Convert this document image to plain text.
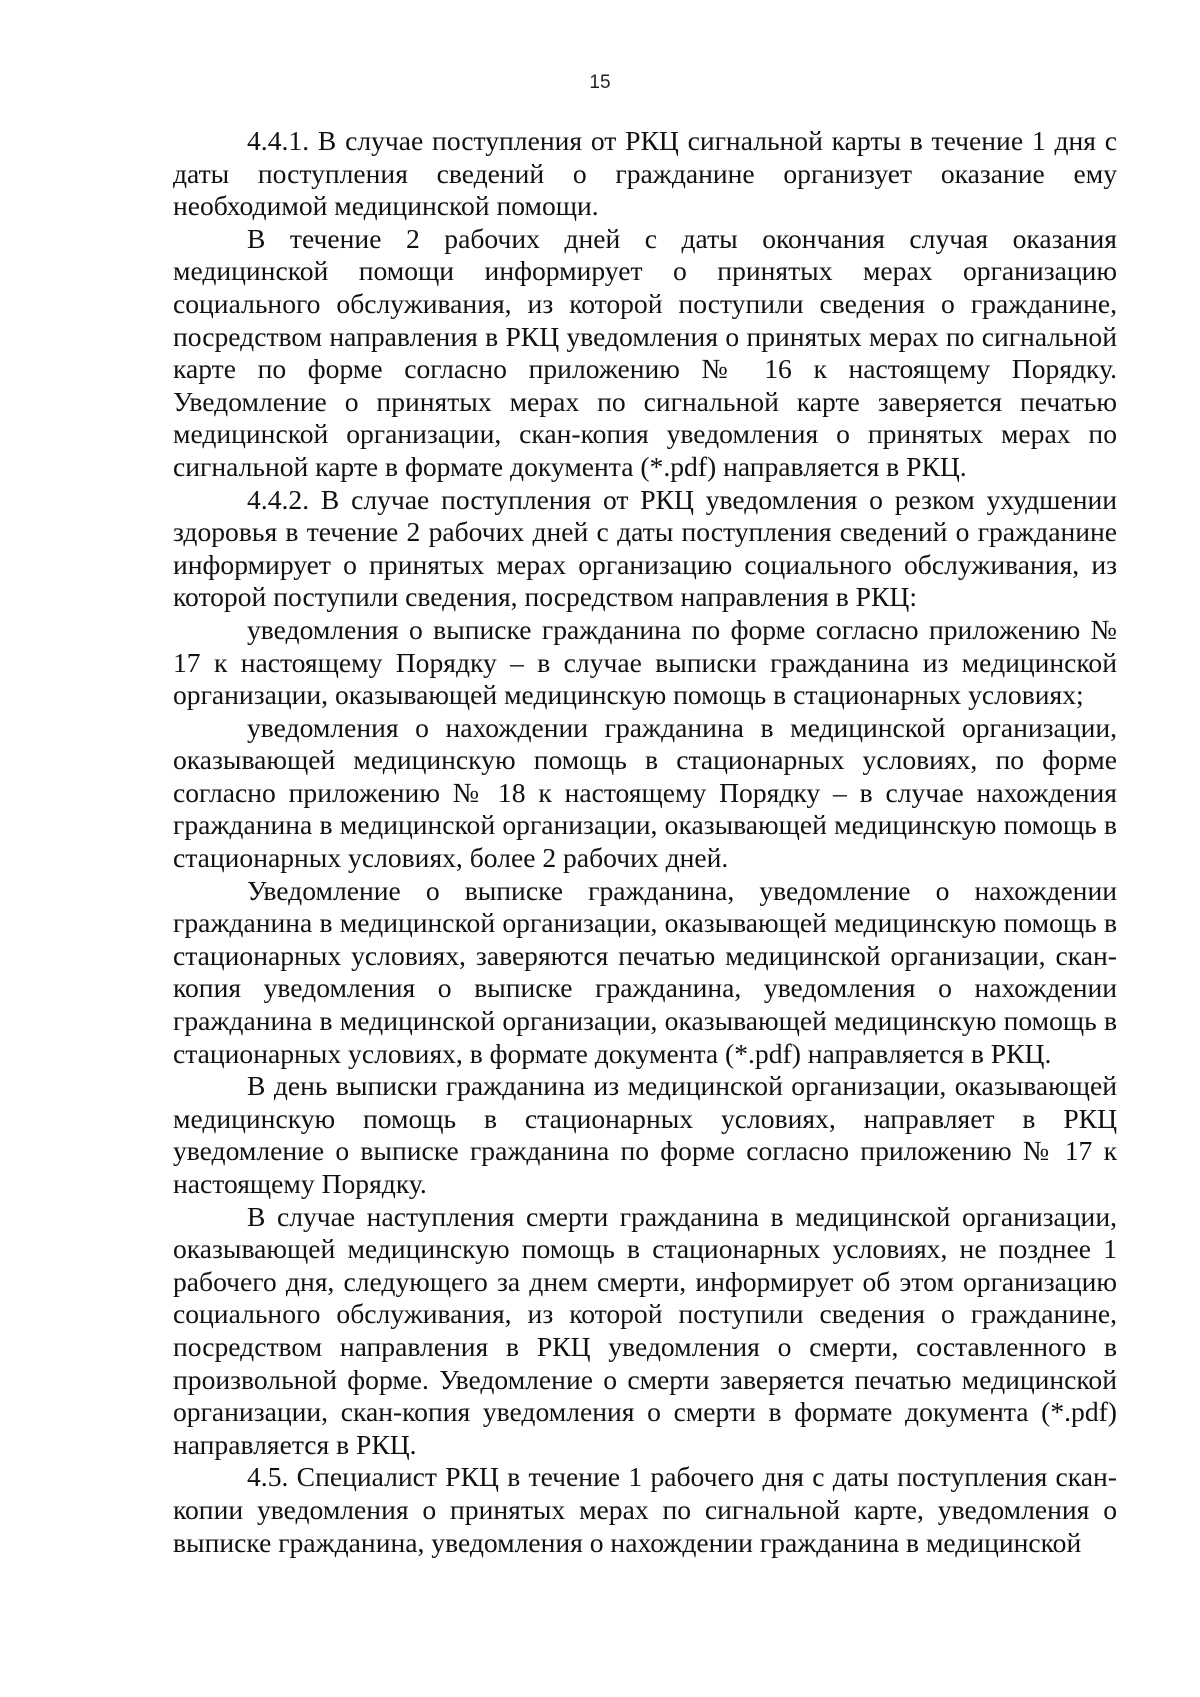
15

4.4.1. В случае поступления от РКЦ сигнальной карты в течение 1 дня с даты поступления сведений о гражданине организует оказание ему необходимой медицинской помощи.

В течение 2 рабочих дней с даты окончания случая оказания медицинской помощи информирует о принятых мерах организацию социального обслуживания, из которой поступили сведения о гражданине, посредством направления в РКЦ уведомления о принятых мерах по сигнальной карте по форме согласно приложению № 16 к настоящему Порядку. Уведомление о принятых мерах по сигнальной карте заверяется печатью медицинской организации, скан-копия уведомления о принятых мерах по сигнальной карте в формате документа (*.pdf) направляется в РКЦ.

4.4.2. В случае поступления от РКЦ уведомления о резком ухудшении здоровья в течение 2 рабочих дней с даты поступления сведений о гражданине информирует о принятых мерах организацию социального обслуживания, из которой поступили сведения, посредством направления в РКЦ:

уведомления о выписке гражданина по форме согласно приложению № 17 к настоящему Порядку – в случае выписки гражданина из медицинской организации, оказывающей медицинскую помощь в стационарных условиях;

уведомления о нахождении гражданина в медицинской организации, оказывающей медицинскую помощь в стационарных условиях, по форме согласно приложению № 18 к настоящему Порядку – в случае нахождения гражданина в медицинской организации, оказывающей медицинскую помощь в стационарных условиях, более 2 рабочих дней.

Уведомление о выписке гражданина, уведомление о нахождении гражданина в медицинской организации, оказывающей медицинскую помощь в стационарных условиях, заверяются печатью медицинской организации, скан-копия уведомления о выписке гражданина, уведомления о нахождении гражданина в медицинской организации, оказывающей медицинскую помощь в стационарных условиях, в формате документа (*.pdf) направляется в РКЦ.

В день выписки гражданина из медицинской организации, оказывающей медицинскую помощь в стационарных условиях, направляет в РКЦ уведомление о выписке гражданина по форме согласно приложению № 17 к настоящему Порядку.

В случае наступления смерти гражданина в медицинской организации, оказывающей медицинскую помощь в стационарных условиях, не позднее 1 рабочего дня, следующего за днем смерти, информирует об этом организацию социального обслуживания, из которой поступили сведения о гражданине, посредством направления в РКЦ уведомления о смерти, составленного в произвольной форме. Уведомление о смерти заверяется печатью медицинской организации, скан-копия уведомления о смерти в формате документа (*.pdf) направляется в РКЦ.

4.5. Специалист РКЦ в течение 1 рабочего дня с даты поступления скан-копии уведомления о принятых мерах по сигнальной карте, уведомления о выписке гражданина, уведомления о нахождении гражданина в медицинской
